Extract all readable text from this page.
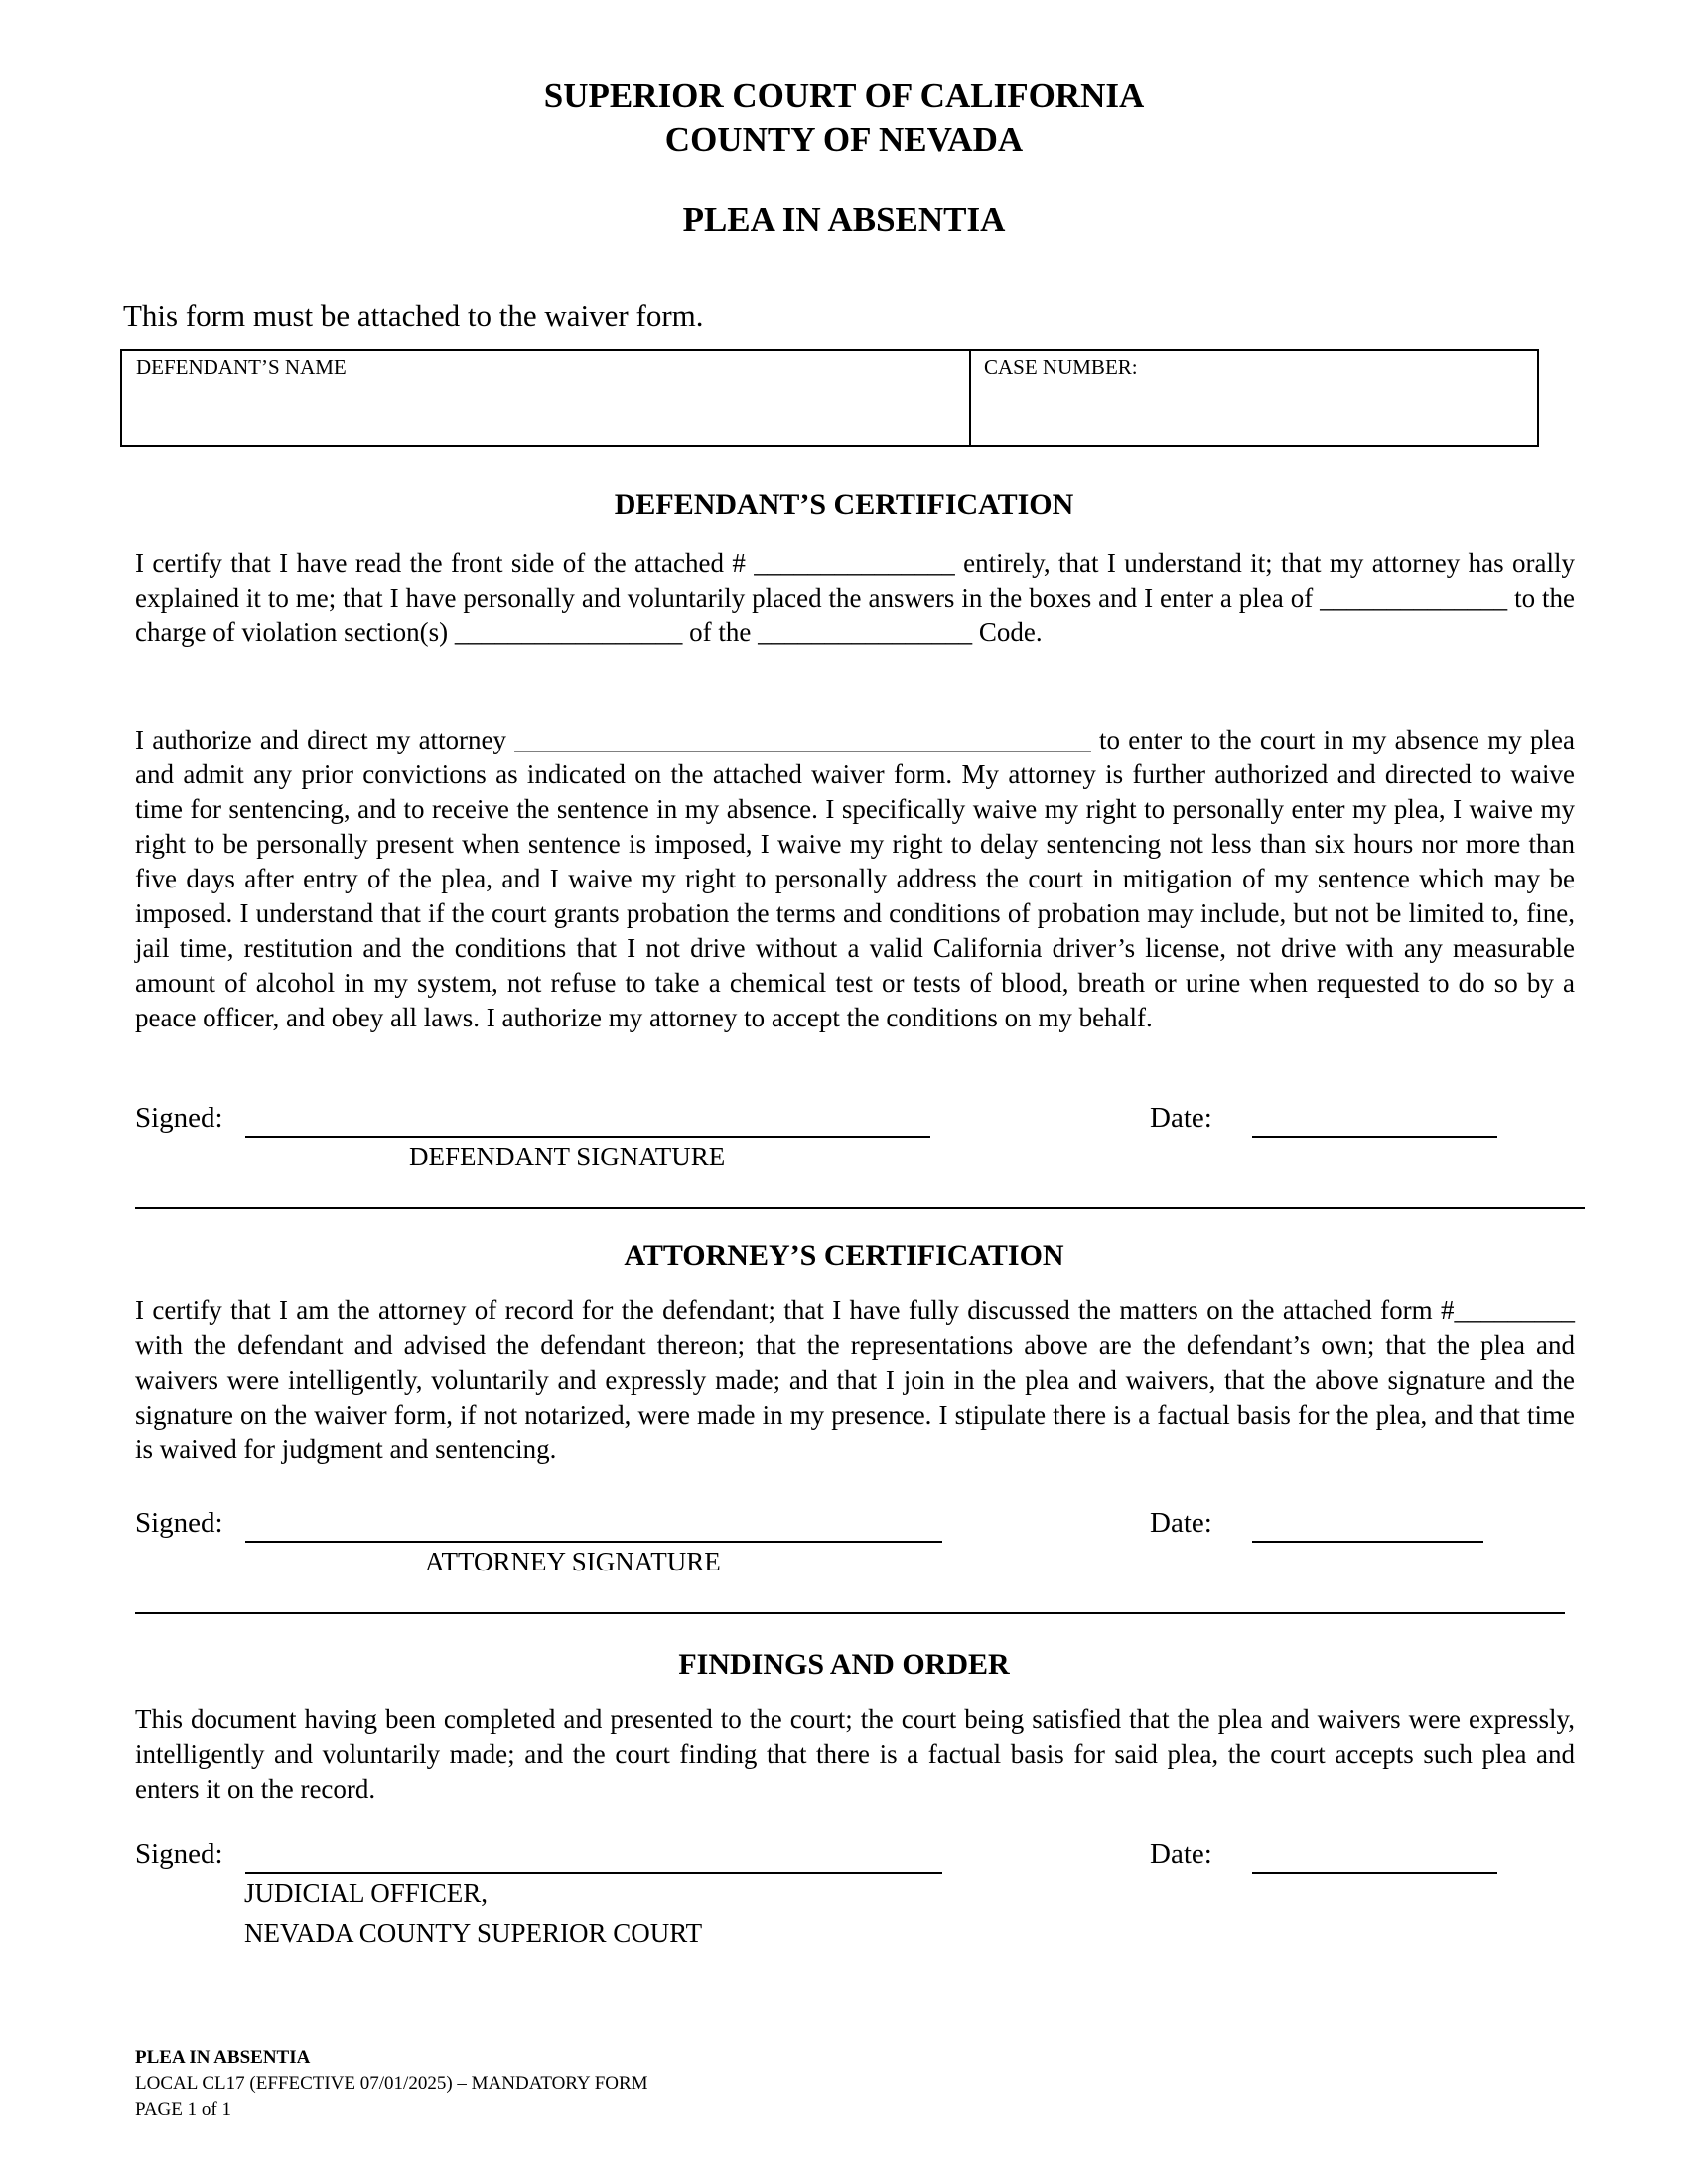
SUPERIOR COURT OF CALIFORNIA
COUNTY OF NEVADA
PLEA IN ABSENTIA
This form must be attached to the waiver form.
DEFENDANT’S NAME	CASE NUMBER:
DEFENDANT’S CERTIFICATION
I certify that I have read the front side of the attached # _______________ entirely, that I understand it; that my attorney has orally explained it to me; that I have personally and voluntarily placed the answers in the boxes and I enter a plea of ______________ to the charge of violation section(s) _________________ of the ________________ Code.
I authorize and direct my attorney ___________________________________________ to enter to the court in my absence my plea and admit any prior convictions as indicated on the attached waiver form. My attorney is further authorized and directed to waive time for sentencing, and to receive the sentence in my absence. I specifically waive my right to personally enter my plea, I waive my right to be personally present when sentence is imposed, I waive my right to delay sentencing not less than six hours nor more than five days after entry of the plea, and I waive my right to personally address the court in mitigation of my sentence which may be imposed. I understand that if the court grants probation the terms and conditions of probation may include, but not be limited to, fine, jail time, restitution and the conditions that I not drive without a valid California driver’s license, not drive with any measurable amount of alcohol in my system, not refuse to take a chemical test or tests of blood, breath or urine when requested to do so by a peace officer, and obey all laws. I authorize my attorney to accept the conditions on my behalf.
Signed:
DEFENDANT SIGNATURE
Date:
ATTORNEY’S CERTIFICATION
I certify that I am the attorney of record for the defendant; that I have fully discussed the matters on the attached form #_________ with the defendant and advised the defendant thereon; that the representations above are the defendant’s own; that the plea and waivers were intelligently, voluntarily and expressly made; and that I join in the plea and waivers, that the above signature and the signature on the waiver form, if not notarized, were made in my presence. I stipulate there is a factual basis for the plea, and that time is waived for judgment and sentencing.
Signed:
ATTORNEY SIGNATURE
Date:
FINDINGS AND ORDER
This document having been completed and presented to the court; the court being satisfied that the plea and waivers were expressly, intelligently and voluntarily made; and the court finding that there is a factual basis for said plea, the court accepts such plea and enters it on the record.
Signed:
JUDICIAL OFFICER,
NEVADA COUNTY SUPERIOR COURT
Date:
PLEA IN ABSENTIA
LOCAL CL17 (EFFECTIVE 07/01/2025) – MANDATORY FORM
PAGE 1 of 1
